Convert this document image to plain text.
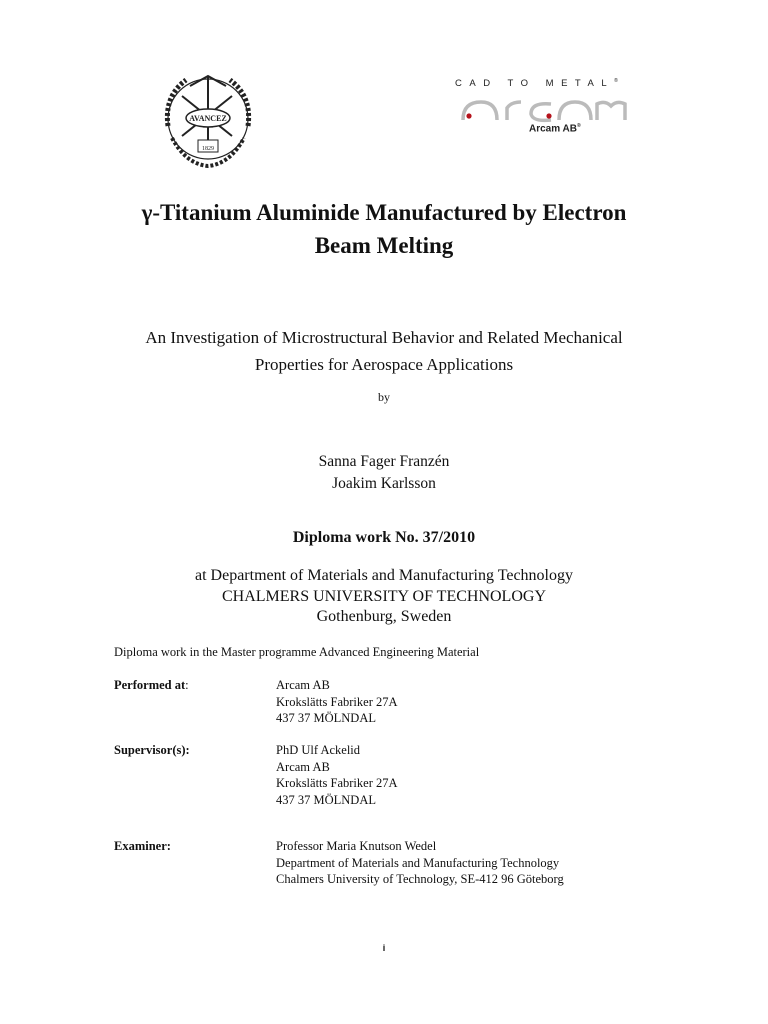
AVANCEZ
1829
CAD TO METAL®
Arcam AB®
γ-Titanium Aluminide Manufactured by Electron
Beam Melting
An Investigation of Microstructural Behavior and Related Mechanical
Properties for Aerospace Applications
by
Sanna Fager Franzén
Joakim Karlsson
Diploma work No. 37/2010
at Department of Materials and Manufacturing Technology
CHALMERS UNIVERSITY OF TECHNOLOGY
Gothenburg, Sweden
Diploma work in the Master programme Advanced Engineering Material
Performed at:	Arcam AB
Krokslätts Fabriker 27A
437 37 MÖLNDAL
Supervisor(s):	PhD Ulf Ackelid
Arcam AB
Krokslätts Fabriker 27A
437 37 MÖLNDAL
Examiner:	Professor Maria Knutson Wedel
Department of Materials and Manufacturing Technology
Chalmers University of Technology, SE-412 96 Göteborg
i
